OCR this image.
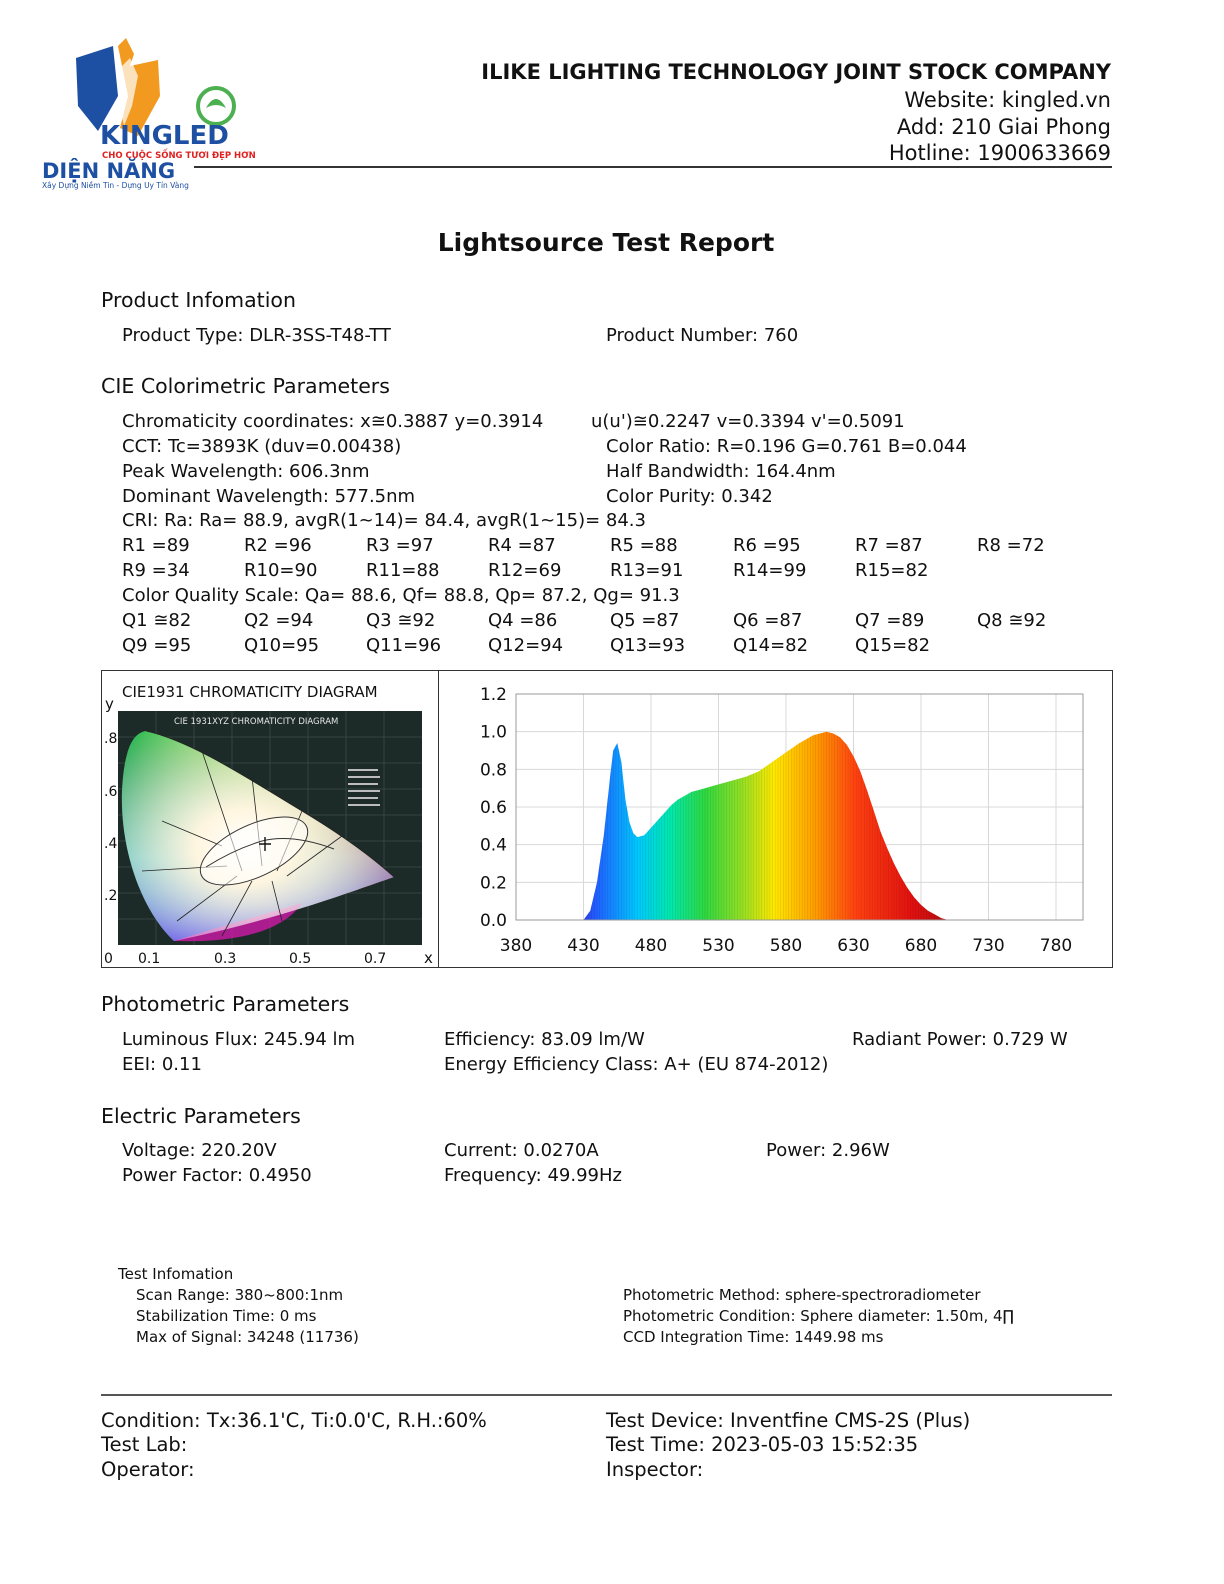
KINGLED
CHO CUỘC SỐNG TƯƠI ĐẸP HƠN
DIỆN NĂNG
Xây Dựng Niềm Tin - Dựng Uy Tín Vàng
ILIKE LIGHTING TECHNOLOGY JOINT STOCK COMPANY
Website: kingled.vn
Add: 210 Giai Phong
Hotline: 1900633669
Lightsource Test Report
Product Infomation
Product Type: DLR-3SS-T48-TT	Product Number: 760
CIE Colorimetric Parameters
Chromaticity coordinates: x≅0.3887 y=0.3914	u(u')≅0.2247 v=0.3394 v'=0.5091
CCT: Tc=3893K (duv=0.00438)	Color Ratio: R=0.196 G=0.761 B=0.044
Peak Wavelength: 606.3nm	Half Bandwidth: 164.4nm
Dominant Wavelength: 577.5nm	Color Purity: 0.342
CRI: Ra: Ra= 88.9, avgR(1~14)= 84.4, avgR(1~15)= 84.3
R1 =89	R2 =96	R3 =97	R4 =87	R5 =88	R6 =95	R7 =87	R8 =72
R9 =34	R10=90	R11=88	R12=69	R13=91	R14=99	R15=82
Color Quality Scale: Qa= 88.6, Qf= 88.8, Qp= 87.2, Qg= 91.3
Q1 ≅82	Q2 =94	Q3 ≅92	Q4 =86	Q5 =87	Q6 =87	Q7 =89	Q8 ≅92
Q9 =95	Q10=95	Q11=96	Q12=94	Q13=93	Q14=82	Q15=82
CIE1931 CHROMATICITY DIAGRAM
y
.8
.6
.4
.2
0 0.1	0.3	0.5	0.7	x
CIE 1931XYZ CHROMATICITY DIAGRAM
1.2
1.0
0.8
0.6
0.4
0.2
0.0
380 430 480 530 580 630 680 730 780
Photometric Parameters
Luminous Flux: 245.94 lm	Efficiency: 83.09 lm/W	Radiant Power: 0.729 W
EEI: 0.11	Energy Efficiency Class: A+ (EU 874-2012)
Electric Parameters
Voltage: 220.20V	Current: 0.0270A	Power: 2.96W
Power Factor: 0.4950	Frequency: 49.99Hz
Test Infomation
Scan Range: 380~800:1nm
Stabilization Time: 0 ms
Max of Signal: 34248 (11736)
Photometric Method: sphere-spectroradiometer
Photometric Condition: Sphere diameter: 1.50m, 4∏
CCD Integration Time: 1449.98 ms
Condition: Tx:36.1'C, Ti:0.0'C, R.H.:60%	Test Device: Inventfine CMS-2S (Plus)
Test Lab:	Test Time: 2023-05-03 15:52:35
Operator:	Inspector:
